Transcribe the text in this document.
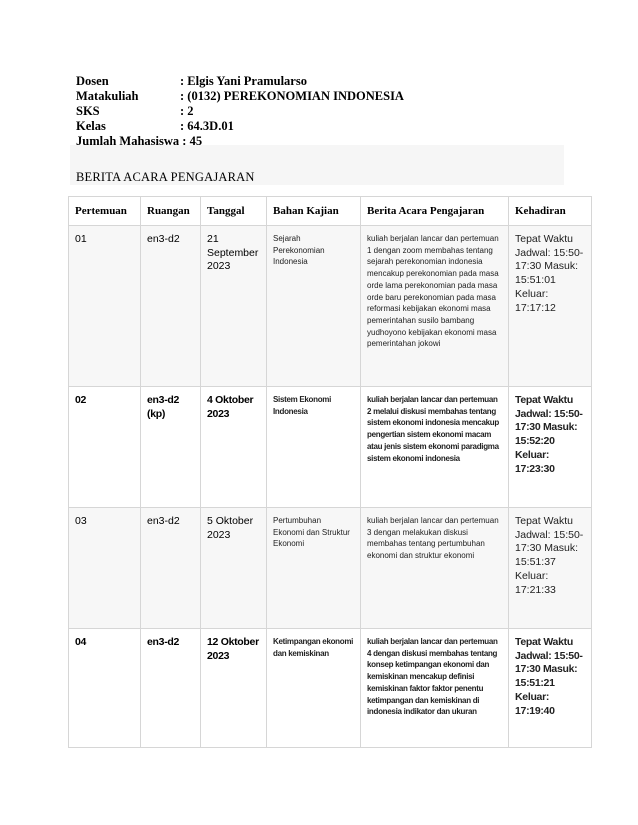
Dosen	: Elgis Yani Pramularso
Matakuliah	: (0132) PEREKONOMIAN INDONESIA
SKS	: 2
Kelas	: 64.3D.01
Jumlah Mahasiswa
: 45
BERITA ACARA PENGAJARAN
Pertemuan	Ruangan	Tanggal	Bahan Kajian	Berita Acara Pengajaran	Kehadiran
01	en3-d2	21 September 2023	Sejarah Perekonomian Indonesia	kuliah berjalan lancar dan pertemuan 1 dengan zoom membahas tentang sejarah perekonomian indonesia mencakup perekonomian pada masa orde lama perekonomian pada masa orde baru perekonomian pada masa reformasi kebijakan ekonomi masa pemerintahan susilo bambang yudhoyono kebijakan ekonomi masa pemerintahan jokowi	Tepat Waktu Jadwal: 15:50-17:30 Masuk: 15:51:01 Keluar: 17:17:12
02	en3-d2 (kp)	4 Oktober 2023	Sistem Ekonomi Indonesia	kuliah berjalan lancar dan pertemuan 2 melalui diskusi membahas tentang sistem ekonomi indonesia mencakup pengertian sistem ekonomi macam atau jenis sistem ekonomi paradigma sistem ekonomi indonesia	Tepat Waktu Jadwal: 15:50-17:30 Masuk: 15:52:20 Keluar: 17:23:30
03	en3-d2	5 Oktober 2023	Pertumbuhan Ekonomi dan Struktur Ekonomi	kuliah berjalan lancar dan pertemuan 3 dengan melakukan diskusi membahas tentang pertumbuhan ekonomi dan struktur ekonomi	Tepat Waktu Jadwal: 15:50-17:30 Masuk: 15:51:37 Keluar: 17:21:33
04	en3-d2	12 Oktober 2023	Ketimpangan ekonomi dan kemiskinan	kuliah berjalan lancar dan pertemuan 4 dengan diskusi membahas tentang konsep ketimpangan ekonomi dan kemiskinan mencakup definisi kemiskinan faktor faktor penentu ketimpangan dan kemiskinan di indonesia indikator dan ukuran	Tepat Waktu Jadwal: 15:50-17:30 Masuk: 15:51:21 Keluar: 17:19:40
